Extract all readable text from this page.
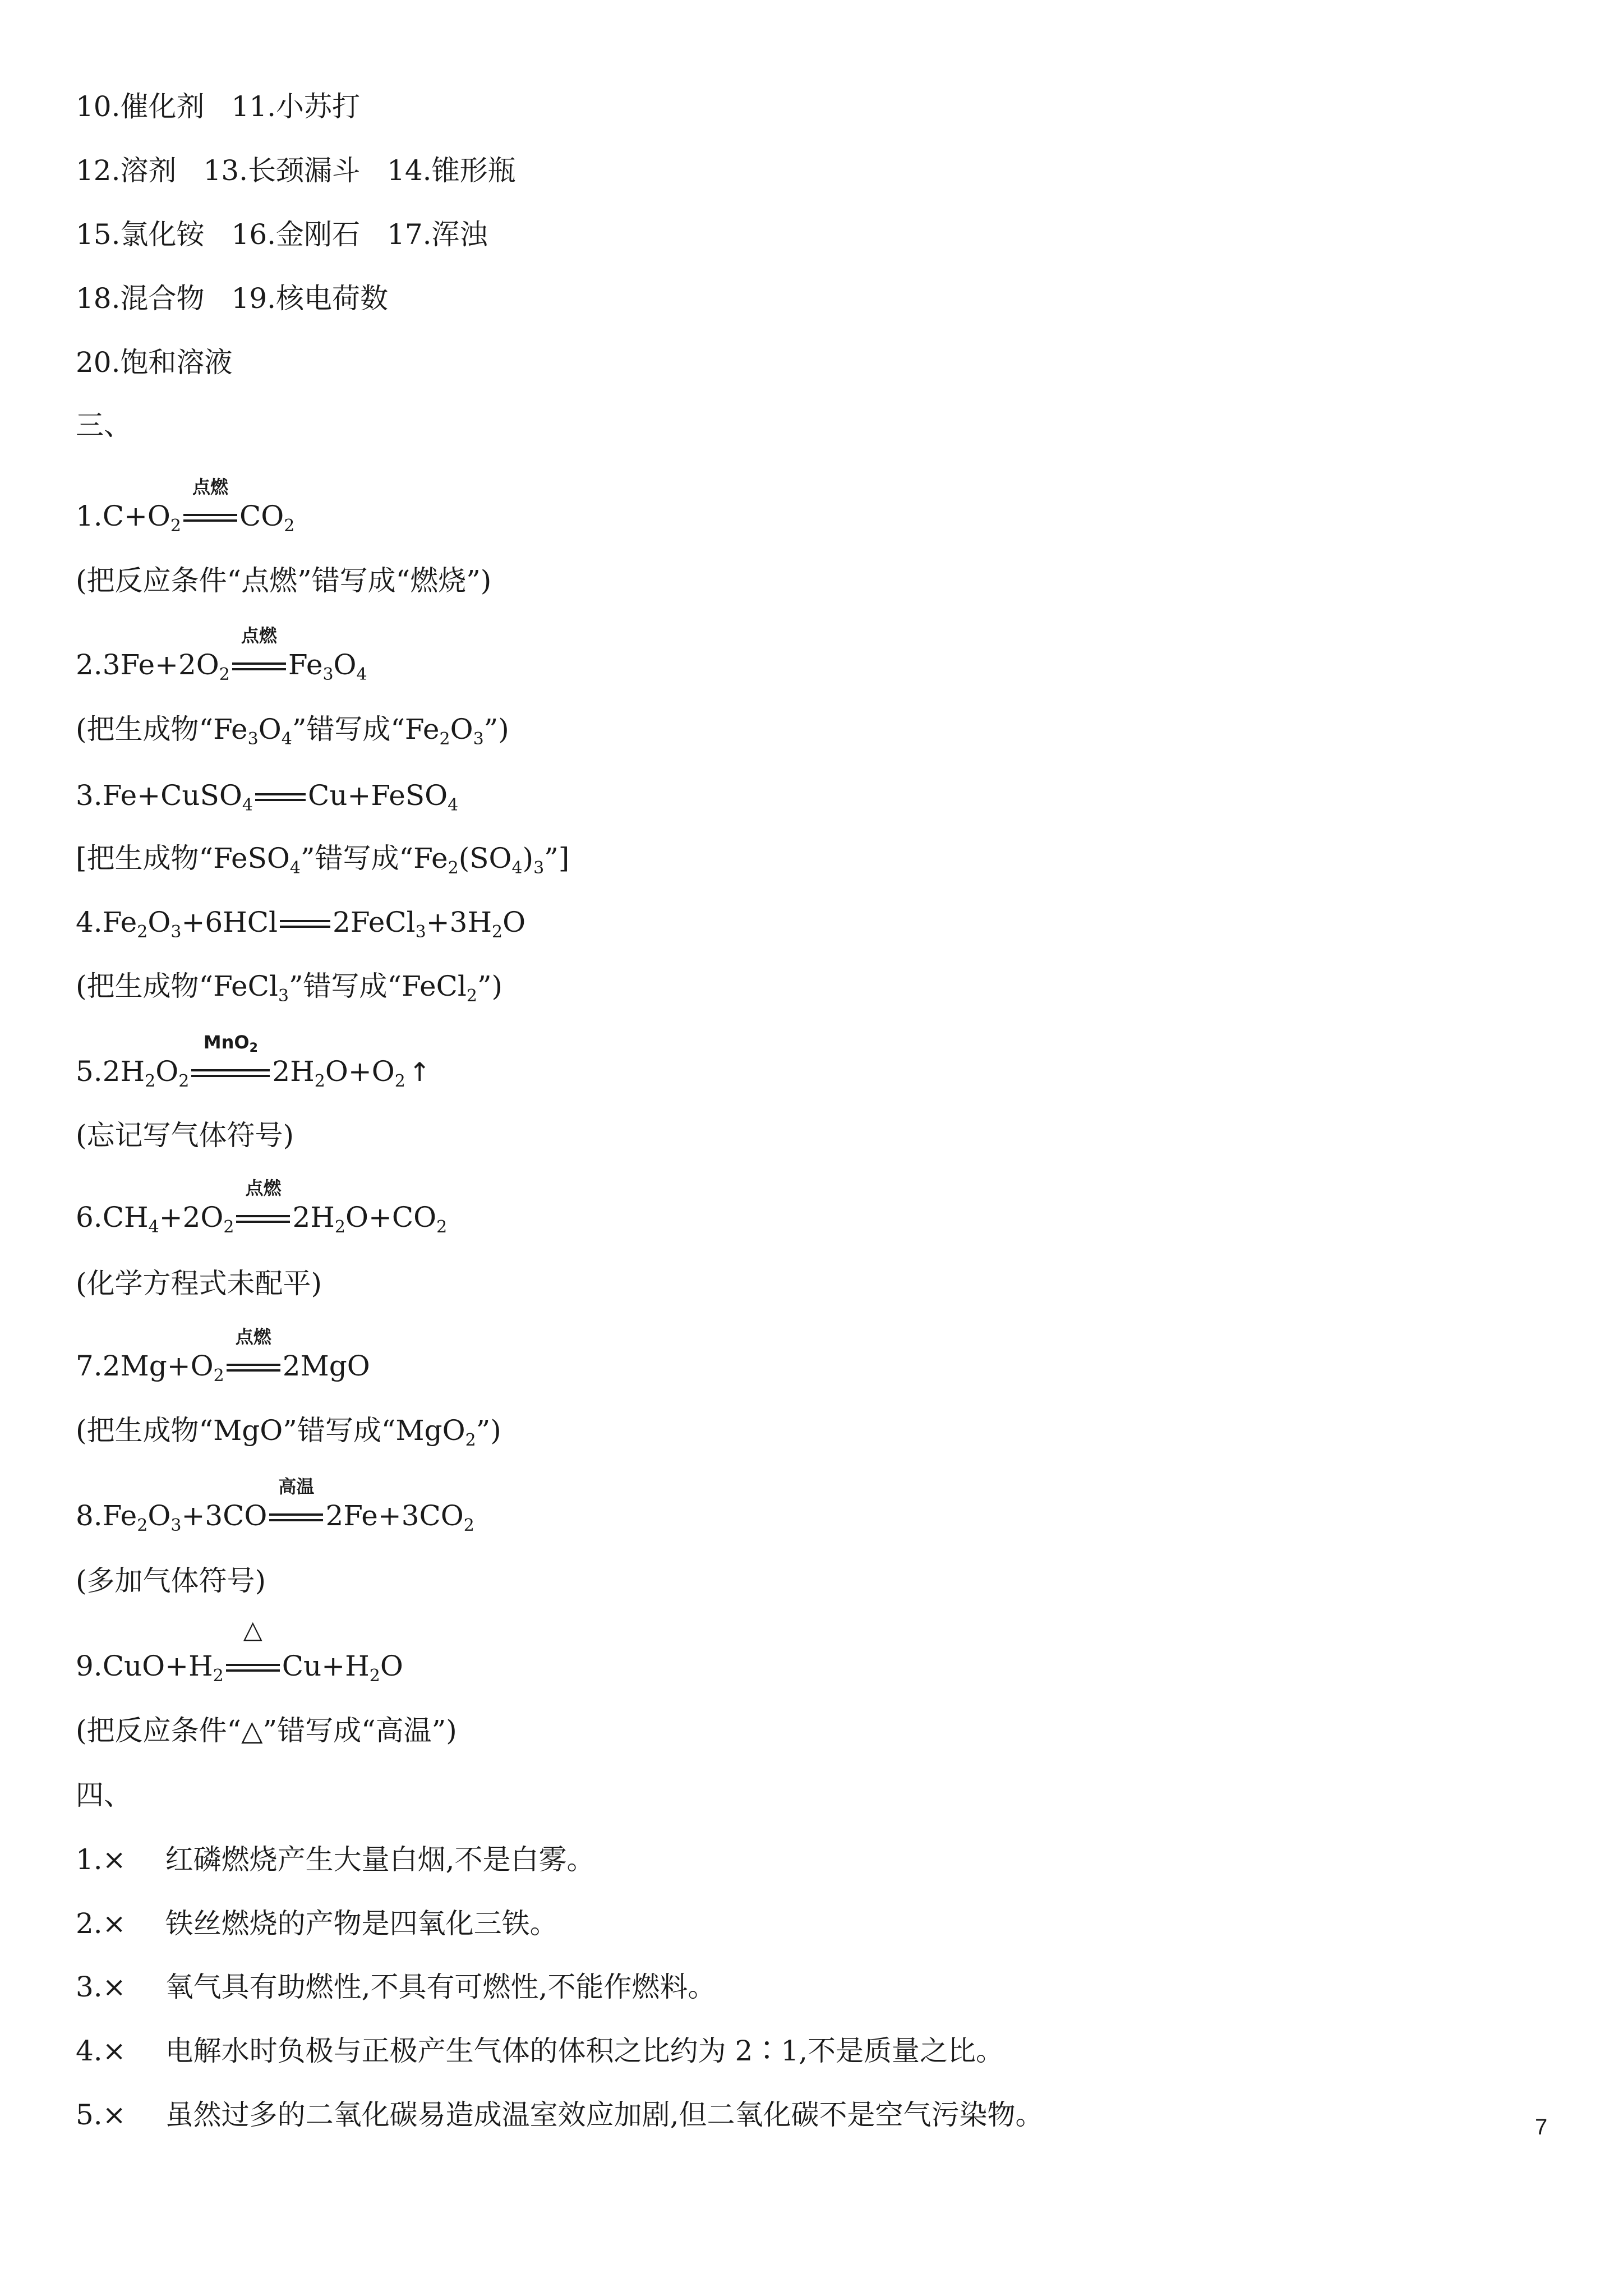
10.催化剂 11.小苏打
12.溶剂 13.长颈漏斗 14.锥形瓶
15.氯化铵 16.金刚石 17.浑浊
18.混合物 19.核电荷数
20.饱和溶液
三、
$1.C+O_2$
点燃
$CO_2$
(把反应条件“点燃”错写成“燃烧”)
$2.3Fe+2O_2$
点燃
$Fe_3O_4$
(把生成物“$Fe_3O_4$”错写成“$Fe_2O_3$”)
3.Fe+CuSO$_4$ Cu+FeSO$_4$
[把生成物“FeSO$_4$”错写成“$Fe_2(SO_4)_3$”]
$4.Fe_2O_3+6HCl$ $2FeCl_3+3H_2O$
(把生成物“FeCl$_3$”错写成“FeCl$_2$”)
$5.2H_2O_2$
MnO$_2$
$2H_2O+O_2$ ↑
(忘记写气体符号)
$6.CH_4+2O_2$
点燃
$2H_2O+CO_2$
(化学方程式未配平)
$7.2Mg+O_2$
点燃
2MgO
(把生成物“MgO”错写成“MgO$_2$”)
$8.Fe_2O_3+3CO$
高温
$2Fe+3CO_2$
(多加气体符号)
$9.CuO+H_2$
△
$Cu+H_2O$
(把反应条件“△”错写成“高温”)
四、
1.× 红磷燃烧产生大量白烟,不是白雾。
2.× 铁丝燃烧的产物是四氧化三铁。
3.× 氧气具有助燃性,不具有可燃性,不能作燃料。
4.× 电解水时负极与正极产生气体的体积之比约为 2∶1,不是质量之比。
5.× 虽然过多的二氧化碳易造成温室效应加剧,但二氧化碳不是空气污染物。	7
